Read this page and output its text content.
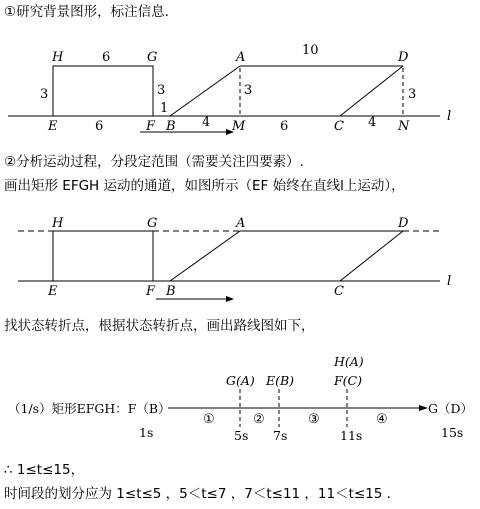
①研究背景图形，标注信息.
H	G
E	F B
A
M	C
D
N
l
6	10
3	3
1
3	3
6	4	6	4
②分析运动过程，分段定范围（需要关注四要素）.
画出矩形 EFGH 运动的通道，如图所示（EF 始终在直线l上运动），
H	G	A	D
E	F B	C
l
找状态转折点，根据状态转折点，画出路线图如下，
（1/s）矩形EFGH：F（B）	G（D）
G(A) E(B)
H(A)
F(C)
①	②	③	④
1s	5s 7s	11s	15s
∴ 1≤t≤15，
时间段的划分应为 1≤t≤5 ，5＜t≤7 ，7＜t≤11 ，11＜t≤15 .
